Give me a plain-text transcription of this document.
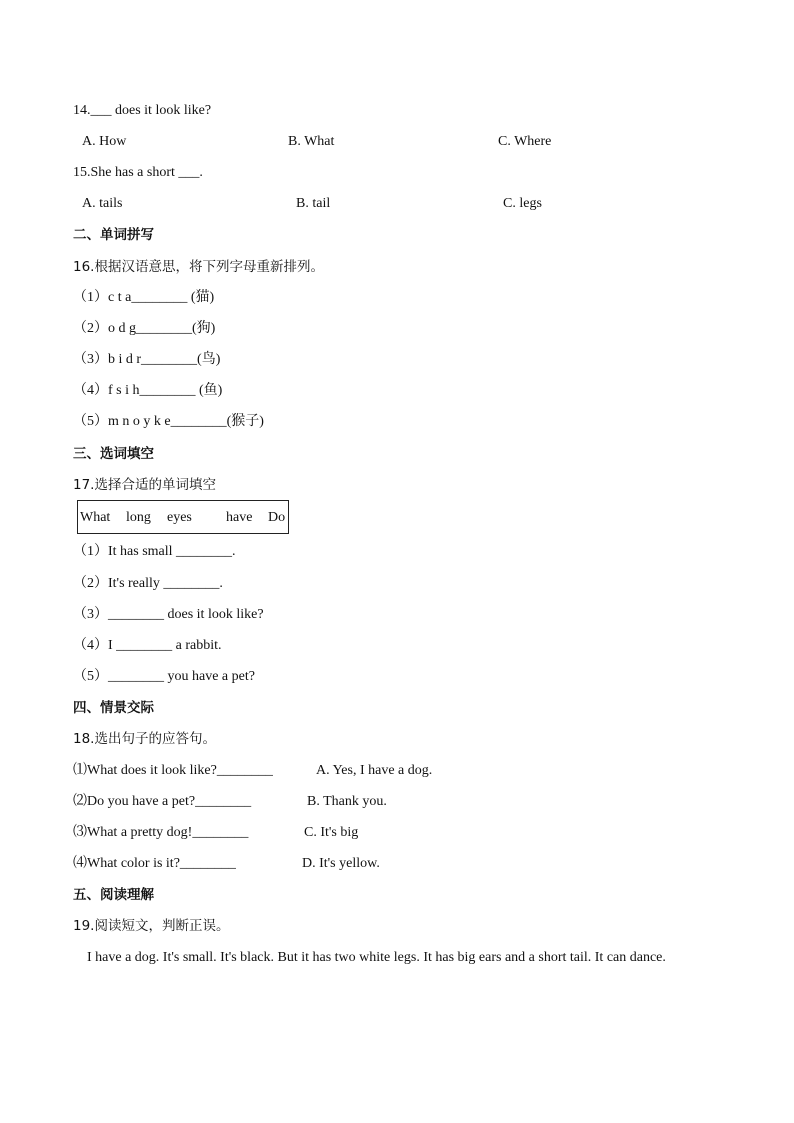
14.___ does it look like?
A. How	B. What	C. Where
15.She has a short ___.
A. tails	B. tail	C. legs
二、单词拼写
16.根据汉语意思，将下列字母重新排列。
（1）c t a________ (猫)
（2）o d g________(狗)
（3）b i d r________(鸟)
（4）f s i h________ (鱼)
（5）m n o y k e________(猴子)
三、选词填空
17.选择合适的单词填空
What long eyes have Do
（1）It has small ________.
（2）It's really ________.
（3）________ does it look like?
（4）I ________ a rabbit.
（5）________ you have a pet?
四、情景交际
18.选出句子的应答句。
⑴What does it look like?________	A. Yes, I have a dog.
⑵Do you have a pet?________	B. Thank you.
⑶What a pretty dog!________	C. It's big
⑷What color is it?________	D. It's yellow.
五、阅读理解
19.阅读短文，判断正误。
I have a dog. It's small. It's black. But it has two white legs. It has big ears and a short tail. It can dance.
